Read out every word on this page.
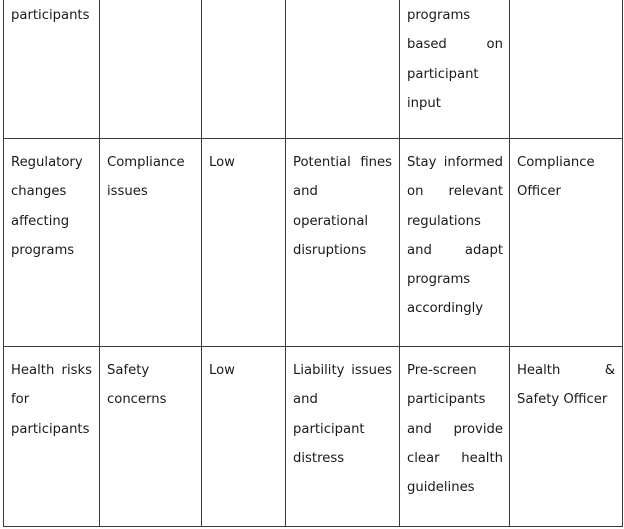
participants				programs based on participant input	

Regulatory changes affecting programs	Compliance issues	Low	Potential fines and operational disruptions	Stay informed on relevant regulations and adapt programs accordingly	Compliance Officer

Health risks for participants	Safety concerns	Low	Liability issues and participant distress	Pre-screen participants and provide clear health guidelines	Health & Safety Officer
